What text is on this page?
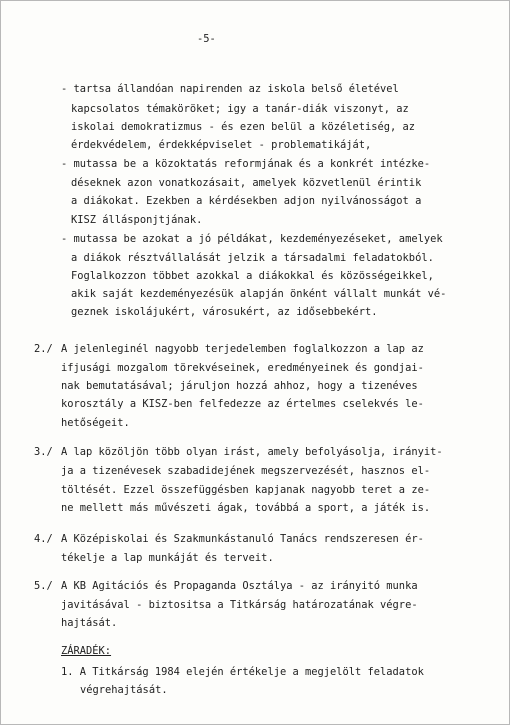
-5-
- tartsa állandóan napirenden az iskola belső életével
kapcsolatos témaköröket; igy a tanár-diák viszonyt, az
iskolai demokratizmus - és ezen belül a közéletiség, az
érdekvédelem, érdekképviselet - problematikáját,
- mutassa be a közoktatás reformjának és a konkrét intézke-
déseknek azon vonatkozásait, amelyek közvetlenül érintik
a diákokat. Ezekben a kérdésekben adjon nyilvánosságot a
KISZ állásponjtjának.
- mutassa be azokat a jó példákat, kezdeményezéseket, amelyek
a diákok résztvállalását jelzik a társadalmi feladatokból.
Foglalkozzon többet azokkal a diákokkal és közösségeikkel,
akik saját kezdeményezésük alapján önként vállalt munkát vé-
geznek iskolájukért, városukért, az idősebbekért.
2./ A jelenleginél nagyobb terjedelemben foglalkozzon a lap az
ifjusági mozgalom törekvéseinek, eredményeinek és gondjai-
nak bemutatásával; járuljon hozzá ahhoz, hogy a tizenéves
korosztály a KISZ-ben felfedezze az értelmes cselekvés le-
hetőségeit.
3./ A lap közöljön több olyan irást, amely befolyásolja, irányit-
ja a tizenévesek szabadidejének megszervezését, hasznos el-
töltését. Ezzel összefüggésben kapjanak nagyobb teret a ze-
ne mellett más művészeti ágak, továbbá a sport, a játék is.
4./ A Középiskolai és Szakmunkástanuló Tanács rendszeresen ér-
tékelje a lap munkáját és terveit.
5./ A KB Agitációs és Propaganda Osztálya - az irányitó munka
javitásával - biztositsa a Titkárság határozatának végre-
hajtását.
ZÁRADÉK:
1. A Titkárság 1984 elején értékelje a megjelölt feladatok
végrehajtását.
